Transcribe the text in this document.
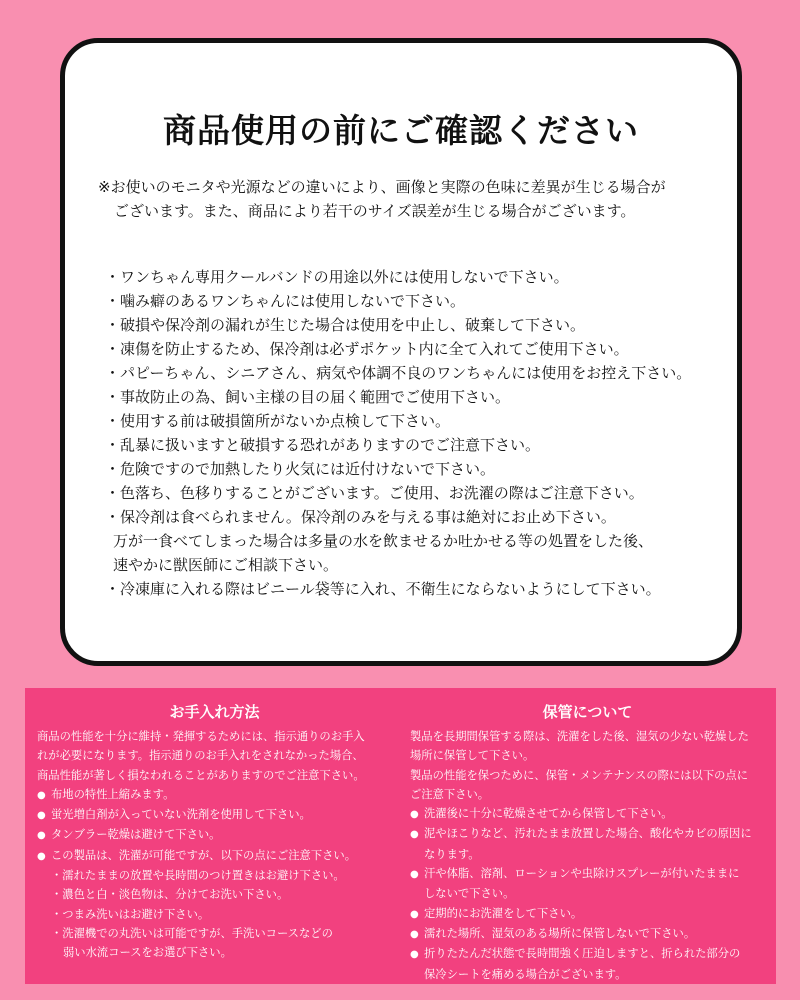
商品使用の前にご確認ください
※お使いのモニタや光源などの違いにより、画像と実際の色味に差異が生じる場合が
ございます。また、商品により若干のサイズ誤差が生じる場合がございます。
・ワンちゃん専用クールバンドの用途以外には使用しないで下さい。
・噛み癖のあるワンちゃんには使用しないで下さい。
・破損や保冷剤の漏れが生じた場合は使用を中止し、破棄して下さい。
・凍傷を防止するため、保冷剤は必ずポケット内に全て入れてご使用下さい。
・パピーちゃん、シニアさん、病気や体調不良のワンちゃんには使用をお控え下さい。
・事故防止の為、飼い主様の目の届く範囲でご使用下さい。
・使用する前は破損箇所がないか点検して下さい。
・乱暴に扱いますと破損する恐れがありますのでご注意下さい。
・危険ですので加熱したり火気には近付けないで下さい。
・色落ち、色移りすることがございます。ご使用、お洗濯の際はご注意下さい。
・保冷剤は食べられません。保冷剤のみを与える事は絶対にお止め下さい。
万が一食べてしまった場合は多量の水を飲ませるか吐かせる等の処置をした後、
速やかに獣医師にご相談下さい。
・冷凍庫に入れる際はビニール袋等に入れ、不衛生にならないようにして下さい。
お手入れ方法

商品の性能を十分に維持・発揮するためには、指示通りのお手入

れが必要になります。指示通りのお手入れをされなかった場合、

商品性能が著しく損なわれることがありますのでご注意下さい。

● 布地の特性上縮みます。

● 蛍光増白剤が入っていない洗剤を使用して下さい。

● タンブラー乾燥は避けて下さい。

● この製品は、洗濯が可能ですが、以下の点にご注意下さい。

・濡れたままの放置や長時間のつけ置きはお避け下さい。

・濃色と白・淡色物は、分けてお洗い下さい。

・つまみ洗いはお避け下さい。

・洗濯機での丸洗いは可能ですが、手洗いコースなどの

弱い水流コースをお選び下さい。

保管について

製品を長期間保管する際は、洗濯をした後、湿気の少ない乾燥した

場所に保管して下さい。

製品の性能を保つために、保管・メンテナンスの際には以下の点に

ご注意下さい。

● 洗濯後に十分に乾燥させてから保管して下さい。

● 泥やほこりなど、汚れたまま放置した場合、酸化やカビの原因に

なります。

● 汗や体脂、溶剤、ローションや虫除けスプレーが付いたままに

しないで下さい。

● 定期的にお洗濯をして下さい。

● 濡れた場所、湿気のある場所に保管しないで下さい。

● 折りたたんだ状態で長時間強く圧迫しますと、折られた部分の

保冷シートを痛める場合がございます。
